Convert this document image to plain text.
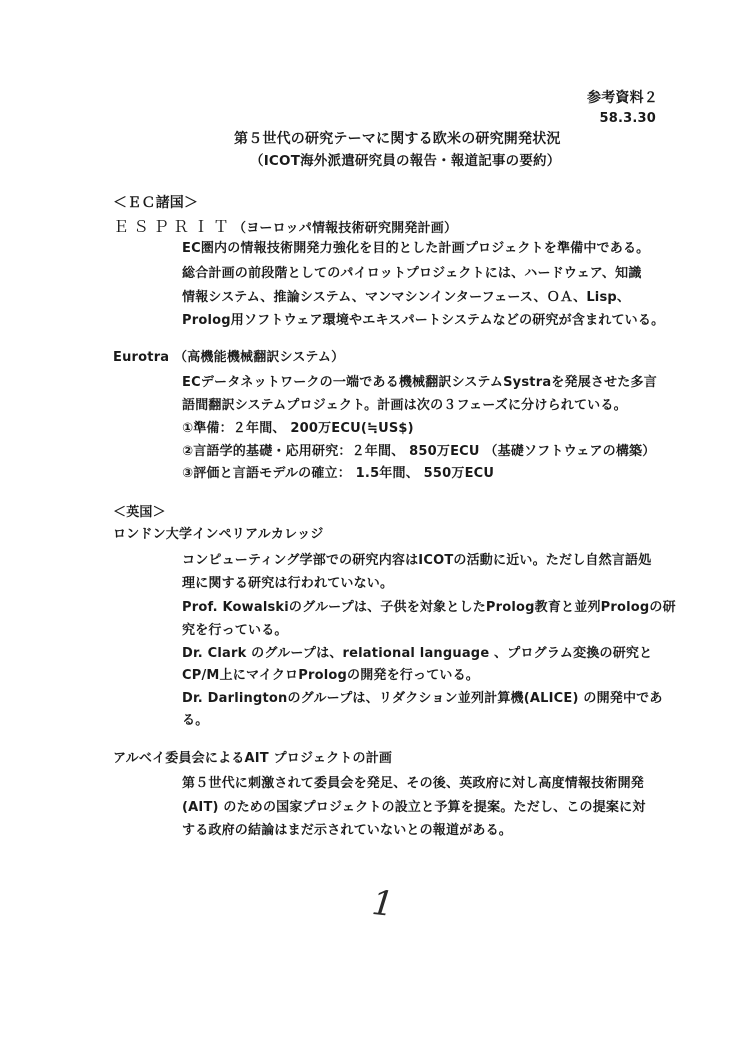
参考資料２
58.3.30
第５世代の研究テーマに関する欧米の研究開発状況
（ICOT海外派遣研究員の報告・報道記事の要約）
＜ＥＣ諸国＞
ＥＳＰＲＩＴ（ヨーロッパ情報技術研究開発計画）
EC圏内の情報技術開発力強化を目的とした計画プロジェクトを準備中である。
総合計画の前段階としてのパイロットプロジェクトには、ハードウェア、知識
情報システム、推論システム、マンマシンインターフェース、ＯＡ、Lisp、
Prolog用ソフトウェア環境やエキスパートシステムなどの研究が含まれている。
Eurotra （高機能機械翻訳システム）
ECデータネットワークの一端である機械翻訳システムSystraを発展させた多言
語間翻訳システムプロジェクト。計画は次の３フェーズに分けられている。
①準備：２年間、 200万ECU(≒US$)
②言語学的基礎・応用研究：２年間、 850万ECU （基礎ソフトウェアの構築）
③評価と言語モデルの確立： 1.5年間、 550万ECU
＜英国＞
ロンドン大学インペリアルカレッジ
コンピューティング学部での研究内容はICOTの活動に近い。ただし自然言語処
理に関する研究は行われていない。
Prof. Kowalskiのグループは、子供を対象としたProlog教育と並列Prologの研
究を行っている。
Dr. Clark のグループは、relational language 、プログラム変換の研究と
CP/M上にマイクロPrologの開発を行っている。
Dr. Darlingtonのグループは、リダクション並列計算機(ALICE) の開発中であ
る。
アルベイ委員会によるAIT プロジェクトの計画
第５世代に刺激されて委員会を発足、その後、英政府に対し高度情報技術開発
(AIT) のための国家プロジェクトの設立と予算を提案。ただし、この提案に対
する政府の結論はまだ示されていないとの報道がある。
1
